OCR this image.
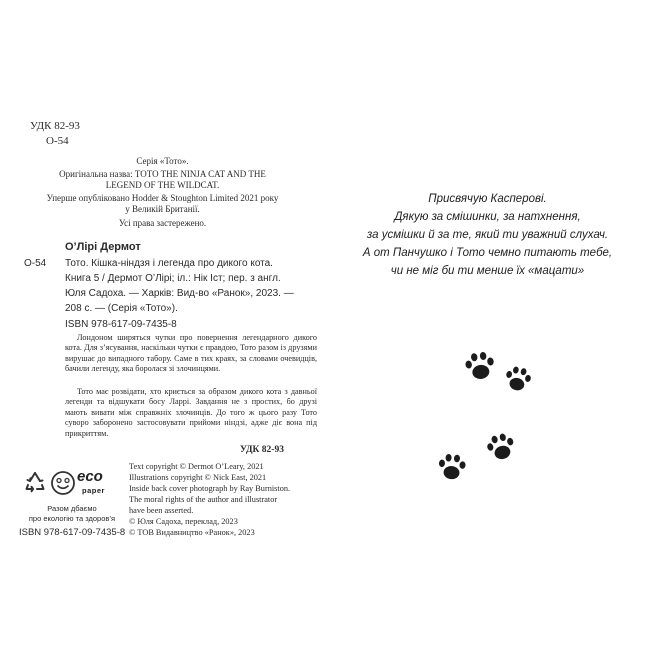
УДК 82-93

О-54

Серія «Тото».

Оригінальна назва: TOTO THE NINJA CAT AND THE

LEGEND OF THE WILDCAT.

Уперше опубліковано Hodder & Stoughton Limited 2021 року

у Великій Британії.

Усі права застережено.

О’Лірі Дермот

О-54 Тото. Кішка-ніндзя і легенда про дикого кота.

Книга 5 / Дермот О’Лірі; іл.: Нік Іст; пер. з англ.

Юля Садоха. — Харків: Вид-во «Ранок», 2023. —

208 с. — (Серія «Тото»).

ISBN 978-617-09-7435-8

Лондоном ширяться чутки про повернення легендарного дикого кота. Для з’ясування, наскільки чутки є правдою, Тото разом із друзями вирушає до випадного табору. Саме в тих краях, за словами очевидців, бачили легенду, яка боролася зі злочинцями.

Тото має розвідати, хто криється за образом дикого кота з давньої легенди та відшукати босу Ларрі. Завдання не з простих, бо друзі мають вивати між справжніх злочинців. До того ж цього разу Тото суворо заборонено застосовувати прийоми ніндзі, адже діє вона під прикриттям.

УДК 82-93

eco
paper

Разом дбаємо

про екологію та здоров’я

ISBN 978-617-09-7435-8

Text copyright © Dermot O’Leary, 2021

Illustrations copyright © Nick East, 2021

Inside back cover photograph by Ray Burniston.

The moral rights of the author and illustrator

have been asserted.

© Юля Садоха, переклад, 2023

© ТОВ Видавництво «Ранок», 2023

Присвячую Касперові.

Дякую за смішинки, за натхнення,

за усмішки й за те, який ти уважний слухач.

А от Панчушко і Тото чемно питають тебе,

чи не міг би ти менше їх «мацати»
